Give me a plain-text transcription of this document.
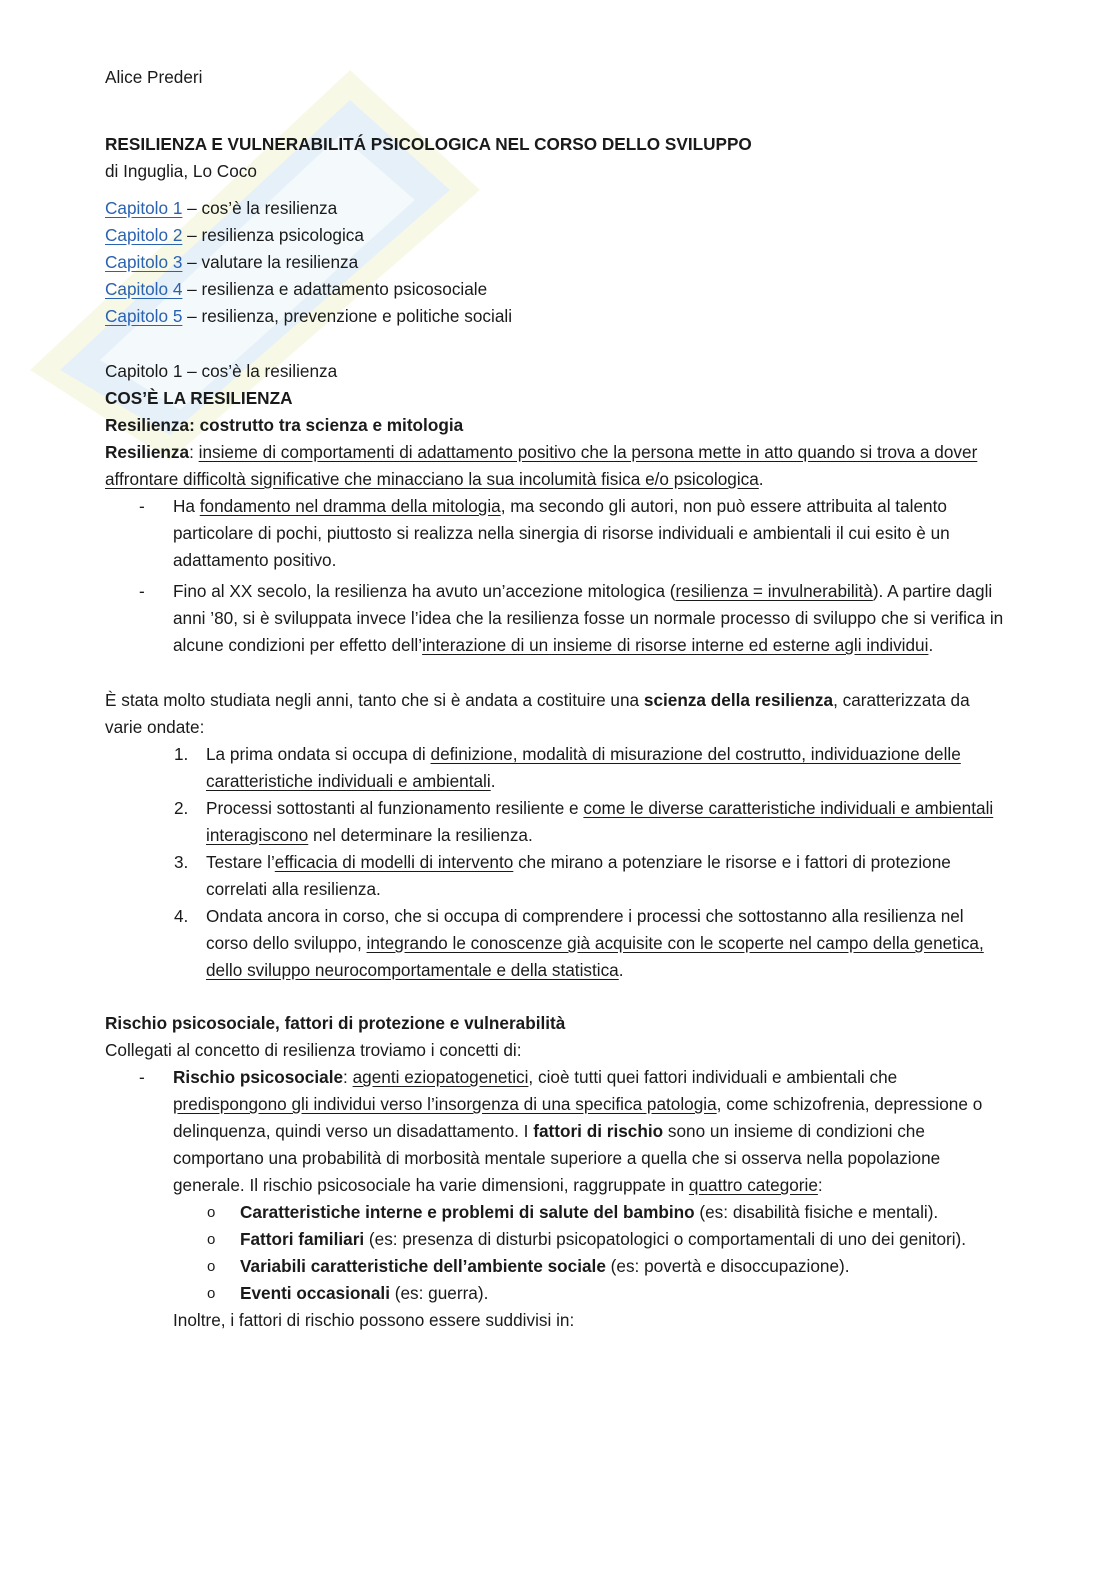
Alice Prederi

RESILIENZA E VULNERABILITÁ PSICOLOGICA NEL CORSO DELLO SVILUPPO

di Inguglia, Lo Coco

Capitolo 1 – cos’è la resilienza

Capitolo 2 – resilienza psicologica

Capitolo 3 – valutare la resilienza

Capitolo 4 – resilienza e adattamento psicosociale

Capitolo 5 – resilienza, prevenzione e politiche sociali

Capitolo 1 – cos’è la resilienza

COS’È LA RESILIENZA

Resilienza: costrutto tra scienza e mitologia

Resilienza: insieme di comportamenti di adattamento positivo che la persona mette in atto quando si trova a dover affrontare difficoltà significative che minacciano la sua incolumità fisica e/o psicologica.

- Ha fondamento nel dramma della mitologia, ma secondo gli autori, non può essere attribuita al talento particolare di pochi, piuttosto si realizza nella sinergia di risorse individuali e ambientali il cui esito è un adattamento positivo.
- Fino al XX secolo, la resilienza ha avuto un’accezione mitologica (resilienza = invulnerabilità). A partire dagli anni ’80, si è sviluppata invece l’idea che la resilienza fosse un normale processo di sviluppo che si verifica in alcune condizioni per effetto dell’interazione di un insieme di risorse interne ed esterne agli individui.

È stata molto studiata negli anni, tanto che si è andata a costituire una scienza della resilienza, caratterizzata da varie ondate:

1. La prima ondata si occupa di definizione, modalità di misurazione del costrutto, individuazione delle caratteristiche individuali e ambientali.
2. Processi sottostanti al funzionamento resiliente e come le diverse caratteristiche individuali e ambientali interagiscono nel determinare la resilienza.
3. Testare l’efficacia di modelli di intervento che mirano a potenziare le risorse e i fattori di protezione correlati alla resilienza.
4. Ondata ancora in corso, che si occupa di comprendere i processi che sottostanno alla resilienza nel corso dello sviluppo, integrando le conoscenze già acquisite con le scoperte nel campo della genetica, dello sviluppo neurocomportamentale e della statistica.

Rischio psicosociale, fattori di protezione e vulnerabilità

Collegati al concetto di resilienza troviamo i concetti di:

- Rischio psicosociale: agenti eziopatogenetici, cioè tutti quei fattori individuali e ambientali che predispongono gli individui verso l’insorgenza di una specifica patologia, come schizofrenia, depressione o delinquenza, quindi verso un disadattamento. I fattori di rischio sono un insieme di condizioni che comportano una probabilità di morbosità mentale superiore a quella che si osserva nella popolazione generale. Il rischio psicosociale ha varie dimensioni, raggruppate in quattro categorie:
o Caratteristiche interne e problemi di salute del bambino (es: disabilità fisiche e mentali).
o Fattori familiari (es: presenza di disturbi psicopatologici o comportamentali di uno dei genitori).
o Variabili caratteristiche dell’ambiente sociale (es: povertà e disoccupazione).
o Eventi occasionali (es: guerra).

Inoltre, i fattori di rischio possono essere suddivisi in:
